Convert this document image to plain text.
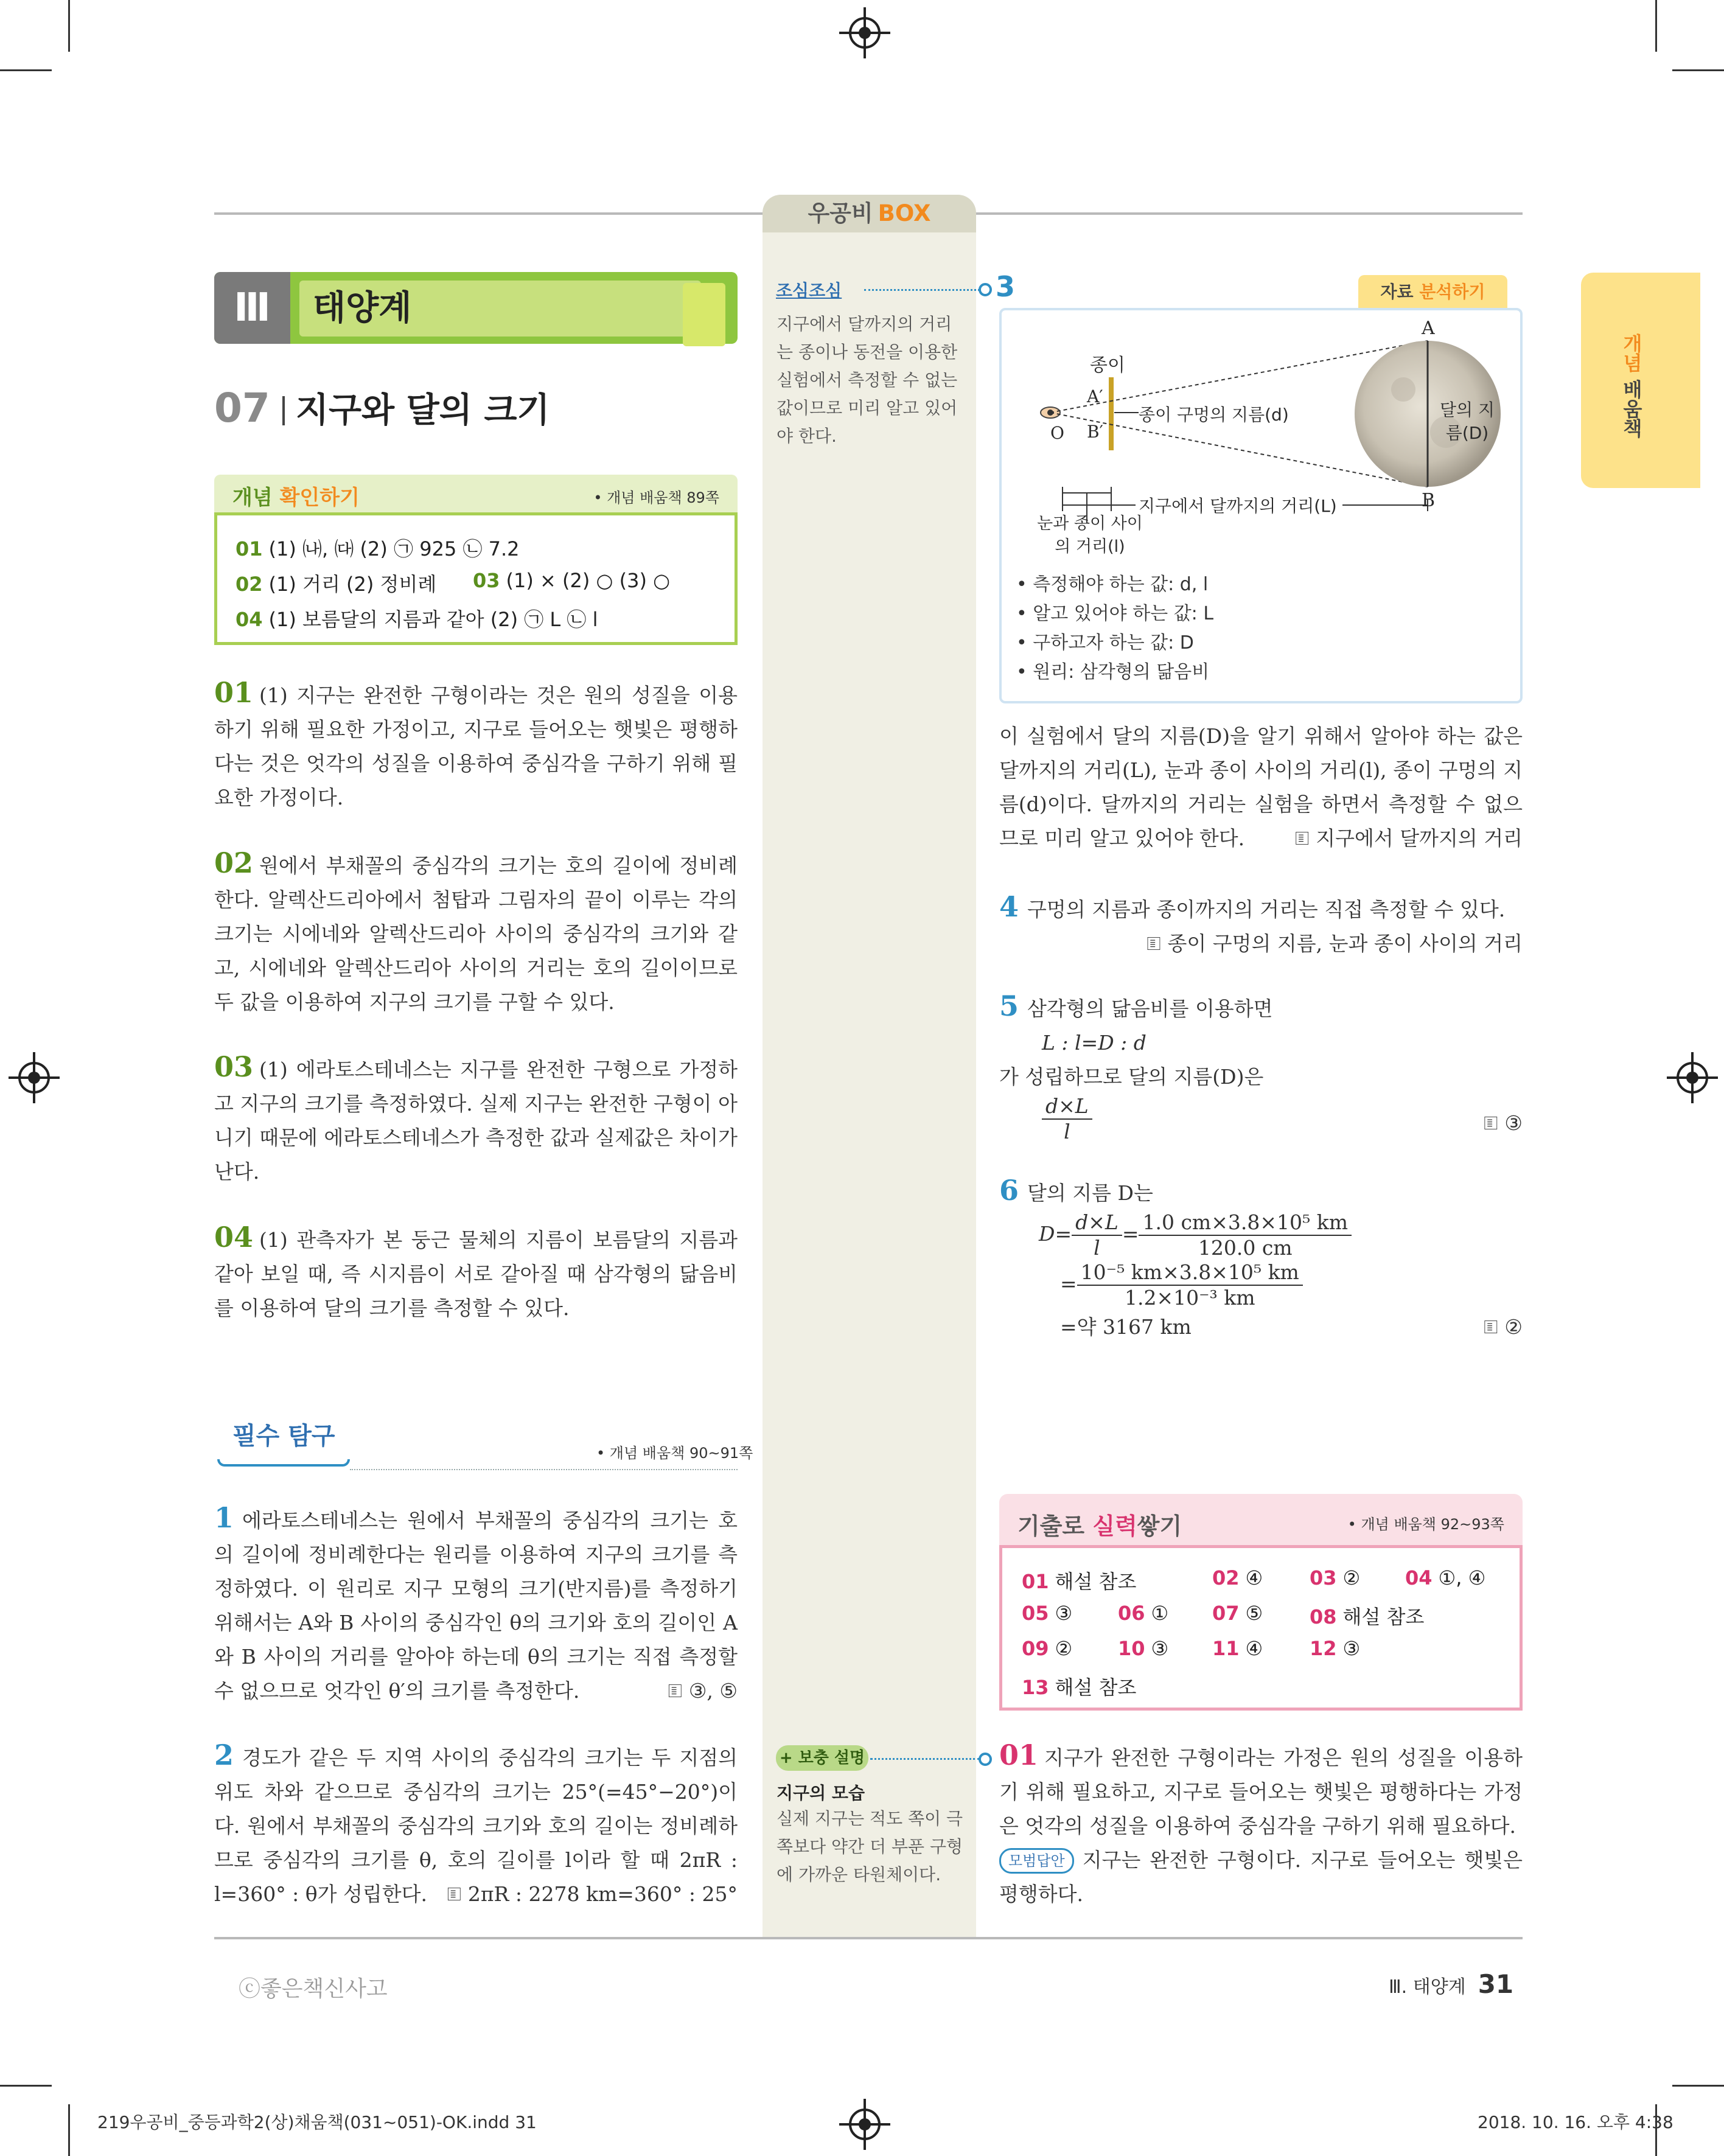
우공비 BOX
개념 배움책
Ⅲ	태양계
07 지구와 달의 크기
개념 확인하기	• 개념 배움책 89쪽
01 (1) ㈏, ㈐ (2) ㉠ 925 ㉡ 7.2
02 (1) 거리 (2) 정비례 03 (1) × (2) ○ (3) ○
04 (1) 보름달의 지름과 같아 (2) ㉠ L ㉡ l
01 (1) 지구는 완전한 구형이라는 것은 원의 성질을 이용하기 위해 필요한 가정이고, 지구로 들어오는 햇빛은 평행하다는 것은 엇각의 성질을 이용하여 중심각을 구하기 위해 필요한 가정이다.
02 원에서 부채꼴의 중심각의 크기는 호의 길이에 정비례한다. 알렉산드리아에서 첨탑과 그림자의 끝이 이루는 각의 크기는 시에네와 알렉산드리아 사이의 중심각의 크기와 같고, 시에네와 알렉산드리아 사이의 거리는 호의 길이이므로 두 값을 이용하여 지구의 크기를 구할 수 있다.
03 (1) 에라토스테네스는 지구를 완전한 구형으로 가정하고 지구의 크기를 측정하였다. 실제 지구는 완전한 구형이 아니기 때문에 에라토스테네스가 측정한 값과 실제값은 차이가 난다.
04 (1) 관측자가 본 둥근 물체의 지름이 보름달의 지름과 같아 보일 때, 즉 시지름이 서로 같아질 때 삼각형의 닮음비를 이용하여 달의 크기를 측정할 수 있다.
필수 탐구
• 개념 배움책 90~91쪽
1 에라토스테네스는 원에서 부채꼴의 중심각의 크기는 호의 길이에 정비례한다는 원리를 이용하여 지구의 크기를 측정하였다. 이 원리로 지구 모형의 크기(반지름)를 측정하기 위해서는 A와 B 사이의 중심각인 θ의 크기와 호의 길이인 A와 B 사이의 거리를 알아야 하는데 θ의 크기는 직접 측정할 수 없으므로 엇각인 θ′의 크기를 측정한다.	🗉 ③, ⑤
2 경도가 같은 두 지역 사이의 중심각의 크기는 두 지점의 위도 차와 같으므로 중심각의 크기는 25°(=45°−20°)이다. 원에서 부채꼴의 중심각의 크기와 호의 길이는 정비례하므로 중심각의 크기를 θ, 호의 길이를 l이라 할 때 2πR : l=360° : θ가 성립한다. 🗉 2πR : 2278 km=360° : 25°
조심조심
지구에서 달까지의 거리는 종이나 동전을 이용한 실험에서 측정할 수 없는 값이므로 미리 알고 있어야 한다.
3	자료 분석하기
종이
A′
B′
O
A
B
종이 구멍의 지름(d)	달의 지름(D)
지구에서 달까지의 거리(L)
눈과 종이 사이의 거리(l)
• 측정해야 하는 값: d, l
• 알고 있어야 하는 값: L
• 구하고자 하는 값: D
• 원리: 삼각형의 닮음비
이 실험에서 달의 지름(D)을 알기 위해서 알아야 하는 값은 달까지의 거리(L), 눈과 종이 사이의 거리(l), 종이 구멍의 지름(d)이다. 달까지의 거리는 실험을 하면서 측정할 수 없으므로 미리 알고 있어야 한다.	🗉 지구에서 달까지의 거리
4 구멍의 지름과 종이까지의 거리는 직접 측정할 수 있다.

🗉 종이 구멍의 지름, 눈과 종이 사이의 거리
5 삼각형의 닮음비를 이용하면
L : l=D : d
가 성립하므로 달의 지름(D)은

$\frac{d\times L}{l}$	🗉 ③
6 달의 지름 D는
$D= \frac{d\times L}{l} = \frac{\text{1.0 cm×3.8×10⁵ km}}{120.0 cm}$

= $\frac{\text{10⁻⁵ km×3.8×10⁵ km}}{\text{1.2×10⁻³ km}}$

=약 3167 km	🗉 ②
기출로 실력쌓기	• 개념 배움책 92~93쪽
01 해설 참조	02 ④ 03 ② 04 ①, ④
05 ③ 06 ① 07 ⑤ 08 해설 참조
09 ② 10 ③ 11 ④ 12 ③
13 해설 참조
+ 보충 설명
지구의 모습
실제 지구는 적도 쪽이 극쪽보다 약간 더 부푼 구형에 가까운 타원체이다.
01 지구가 완전한 구형이라는 가정은 원의 성질을 이용하기 위해 필요하고, 지구로 들어오는 햇빛은 평행하다는 가정은 엇각의 성질을 이용하여 중심각을 구하기 위해 필요하다.
모범답안 지구는 완전한 구형이다. 지구로 들어오는 햇빛은 평행하다.
ⓒ좋은책신사고	Ⅲ. 태양계 31
219우공비_중등과학2(상)채움책(031~051)-OK.indd 31	2018. 10. 16. 오후 4:38
